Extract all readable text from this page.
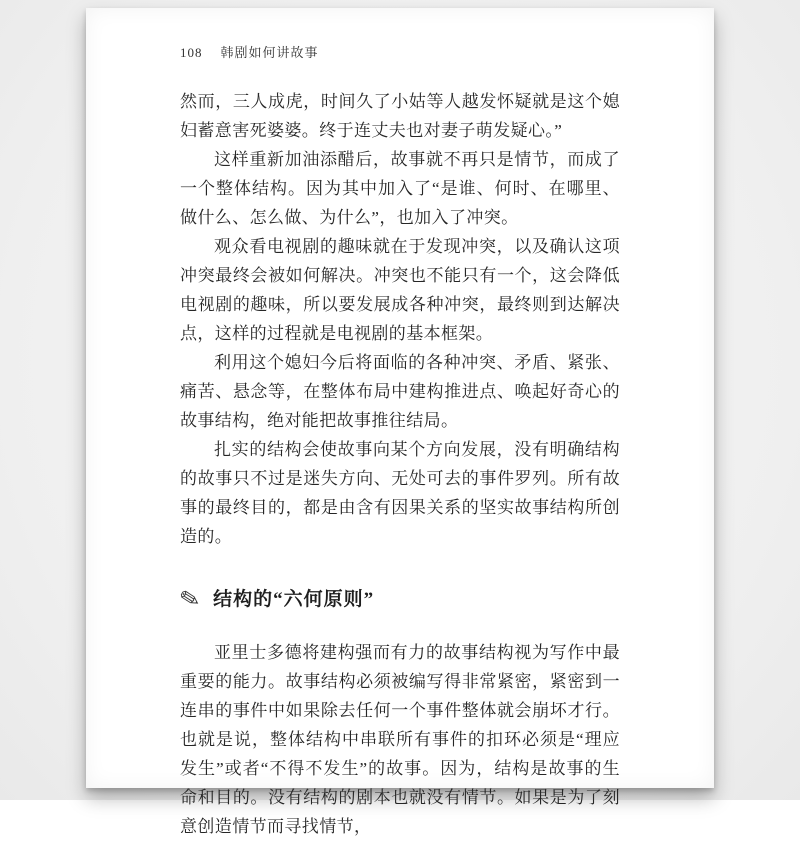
108 韩剧如何讲故事

然而，三人成虎，时间久了小姑等人越发怀疑就是这个媳妇蓄意害死婆婆。终于连丈夫也对妻子萌发疑心。”

这样重新加油添醋后，故事就不再只是情节，而成了一个整体结构。因为其中加入了“是谁、何时、在哪里、做什么、怎么做、为什么”，也加入了冲突。

观众看电视剧的趣味就在于发现冲突，以及确认这项冲突最终会被如何解决。冲突也不能只有一个，这会降低电视剧的趣味，所以要发展成各种冲突，最终则到达解决点，这样的过程就是电视剧的基本框架。

利用这个媳妇今后将面临的各种冲突、矛盾、紧张、痛苦、悬念等，在整体布局中建构推进点、唤起好奇心的故事结构，绝对能把故事推往结局。

扎实的结构会使故事向某个方向发展，没有明确结构的故事只不过是迷失方向、无处可去的事件罗列。所有故事的最终目的，都是由含有因果关系的坚实故事结构所创造的。

✎ 结构的“六何原则”

亚里士多德将建构强而有力的故事结构视为写作中最重要的能力。故事结构必须被编写得非常紧密，紧密到一连串的事件中如果除去任何一个事件整体就会崩坏才行。也就是说，整体结构中串联所有事件的扣环必须是“理应发生”或者“不得不发生”的故事。因为，结构是故事的生命和目的。没有结构的剧本也就没有情节。如果是为了刻意创造情节而寻找情节，
